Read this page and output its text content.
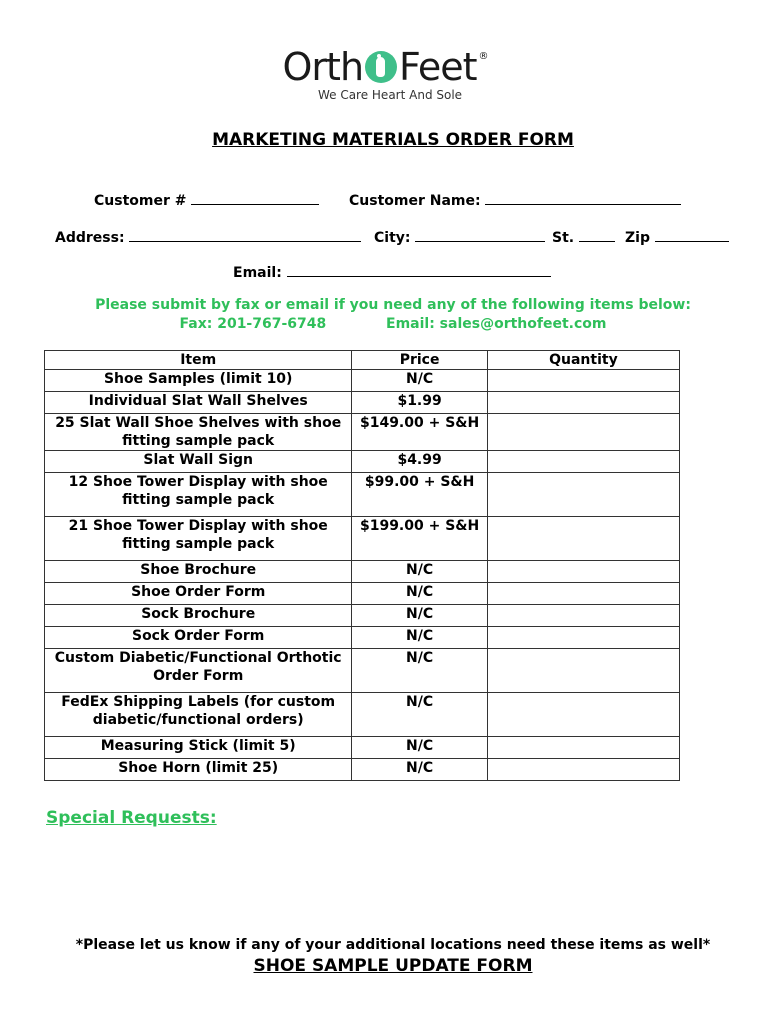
Orth Feet ®
We Care Heart And Sole
MARKETING MATERIALS ORDER FORM
Customer #	Customer Name:
Address:	City:	St.	Zip
Email:
Please submit by fax or email if you need any of the following items below:
Fax: 201-767-6748	Email: sales@orthofeet.com
Item	Price	Quantity
Shoe Samples (limit 10)	N/C	
Individual Slat Wall Shelves	$1.99	
25 Slat Wall Shoe Shelves with shoe fitting sample pack	$149.00 + S&H	
Slat Wall Sign	$4.99	
12 Shoe Tower Display with shoe fitting sample pack	$99.00 + S&H	
21 Shoe Tower Display with shoe fitting sample pack	$199.00 + S&H	
Shoe Brochure	N/C	
Shoe Order Form	N/C	
Sock Brochure	N/C	
Sock Order Form	N/C	
Custom Diabetic/Functional Orthotic Order Form	N/C	
FedEx Shipping Labels (for custom diabetic/functional orders)	N/C	
Measuring Stick (limit 5)	N/C	
Shoe Horn (limit 25)	N/C	
Special Requests:
*Please let us know if any of your additional locations need these items as well*
SHOE SAMPLE UPDATE FORM
